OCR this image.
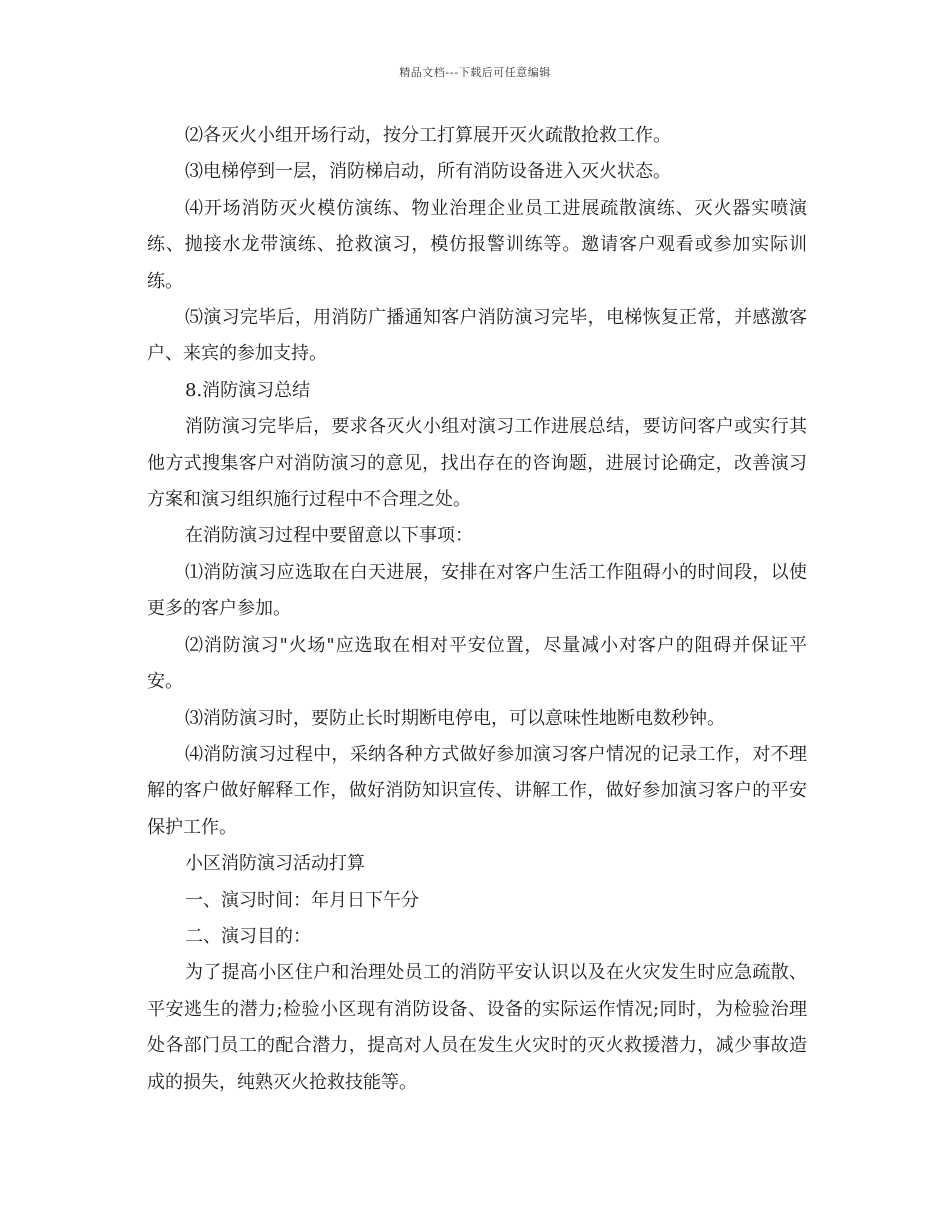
精品文档---下载后可任意编辑

⑵各灭火小组开场行动，按分工打算展开灭火疏散抢救工作。

⑶电梯停到一层，消防梯启动，所有消防设备进入灭火状态。

⑷开场消防灭火模仿演练、物业治理企业员工进展疏散演练、灭火器实喷演练、抛接水龙带演练、抢救演习，模仿报警训练等。邀请客户观看或参加实际训练。

⑸演习完毕后，用消防广播通知客户消防演习完毕，电梯恢复正常，并感激客户、来宾的参加支持。

8.消防演习总结

消防演习完毕后，要求各灭火小组对演习工作进展总结，要访问客户或实行其他方式搜集客户对消防演习的意见，找出存在的咨询题，进展讨论确定，改善演习方案和演习组织施行过程中不合理之处。

在消防演习过程中要留意以下事项：

⑴消防演习应选取在白天进展，安排在对客户生活工作阻碍小的时间段，以使更多的客户参加。

⑵消防演习"火场"应选取在相对平安位置，尽量减小对客户的阻碍并保证平安。

⑶消防演习时，要防止长时期断电停电，可以意味性地断电数秒钟。

⑷消防演习过程中，采纳各种方式做好参加演习客户情况的记录工作，对不理解的客户做好解释工作，做好消防知识宣传、讲解工作，做好参加演习客户的平安保护工作。

小区消防演习活动打算

一、演习时间：年月日下午分

二、演习目的：

为了提高小区住户和治理处员工的消防平安认识以及在火灾发生时应急疏散、平安逃生的潜力;检验小区现有消防设备、设备的实际运作情况;同时，为检验治理处各部门员工的配合潜力，提高对人员在发生火灾时的灭火救援潜力，减少事故造成的损失，纯熟灭火抢救技能等。
